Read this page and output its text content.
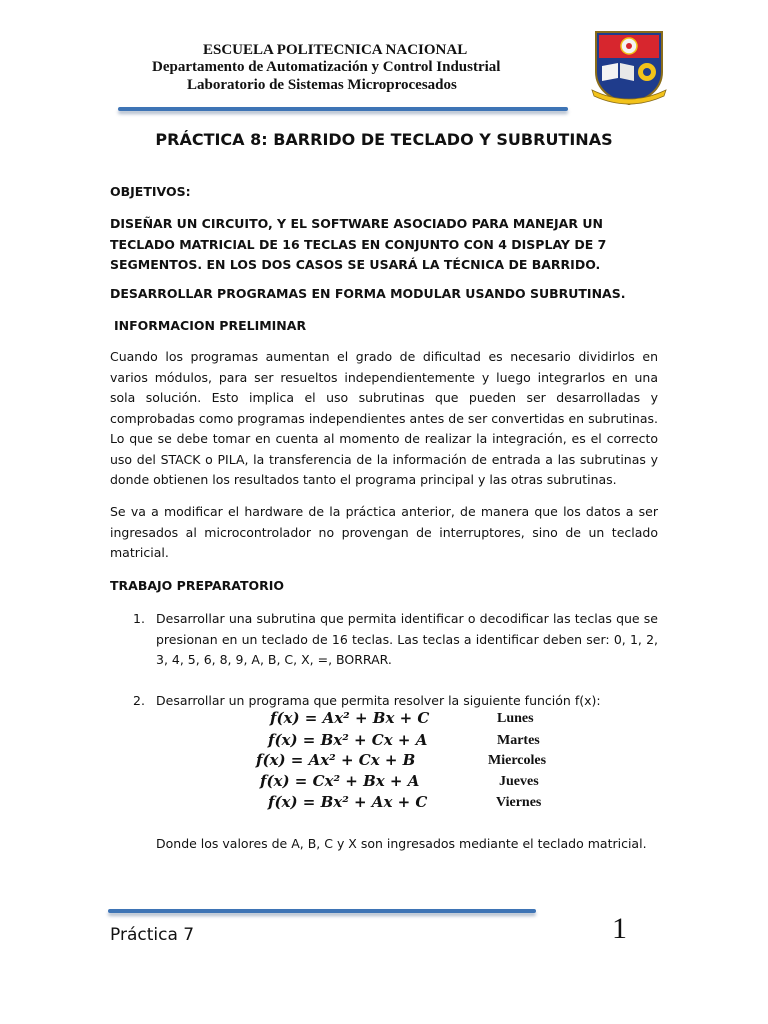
ESCUELA POLITECNICA NACIONAL
Departamento de Automatización y Control Industrial
Laboratorio de Sistemas Microprocesados
PRÁCTICA 8: BARRIDO DE TECLADO Y SUBRUTINAS
OBJETIVOS:
DISEÑAR UN CIRCUITO, Y EL SOFTWARE ASOCIADO PARA MANEJAR UN TECLADO MATRICIAL DE 16 TECLAS EN CONJUNTO CON 4 DISPLAY DE 7 SEGMENTOS. EN LOS DOS CASOS SE USARÁ LA TÉCNICA DE BARRIDO.
DESARROLLAR PROGRAMAS EN FORMA MODULAR USANDO SUBRUTINAS.
INFORMACION PRELIMINAR
Cuando los programas aumentan el grado de dificultad es necesario dividirlos en varios módulos, para ser resueltos independientemente y luego integrarlos en una sola solución. Esto implica el uso subrutinas que pueden ser desarrolladas y comprobadas como programas independientes antes de ser convertidas en subrutinas. Lo que se debe tomar en cuenta al momento de realizar la integración, es el correcto uso del STACK o PILA, la transferencia de la información de entrada a las subrutinas y donde obtienen los resultados tanto el programa principal y las otras subrutinas.
Se va a modificar el hardware de la práctica anterior, de manera que los datos a ser ingresados al microcontrolador no provengan de interruptores, sino de un teclado matricial.
TRABAJO PREPARATORIO
1. Desarrollar una subrutina que permita identificar o decodificar las teclas que se presionan en un teclado de 16 teclas. Las teclas a identificar deben ser: 0, 1, 2, 3, 4, 5, 6, 8, 9, A, B, C, X, =, BORRAR.
2. Desarrollar un programa que permita resolver la siguiente función f(x):
f(x) = Ax² + Bx + C	Lunes
f(x) = Bx² + Cx + A	Martes
f(x) = Ax² + Cx + B	Miercoles
f(x) = Cx² + Bx + A	Jueves
f(x) = Bx² + Ax + C	Viernes
Donde los valores de A, B, C y X son ingresados mediante el teclado matricial.
Práctica 7	1
